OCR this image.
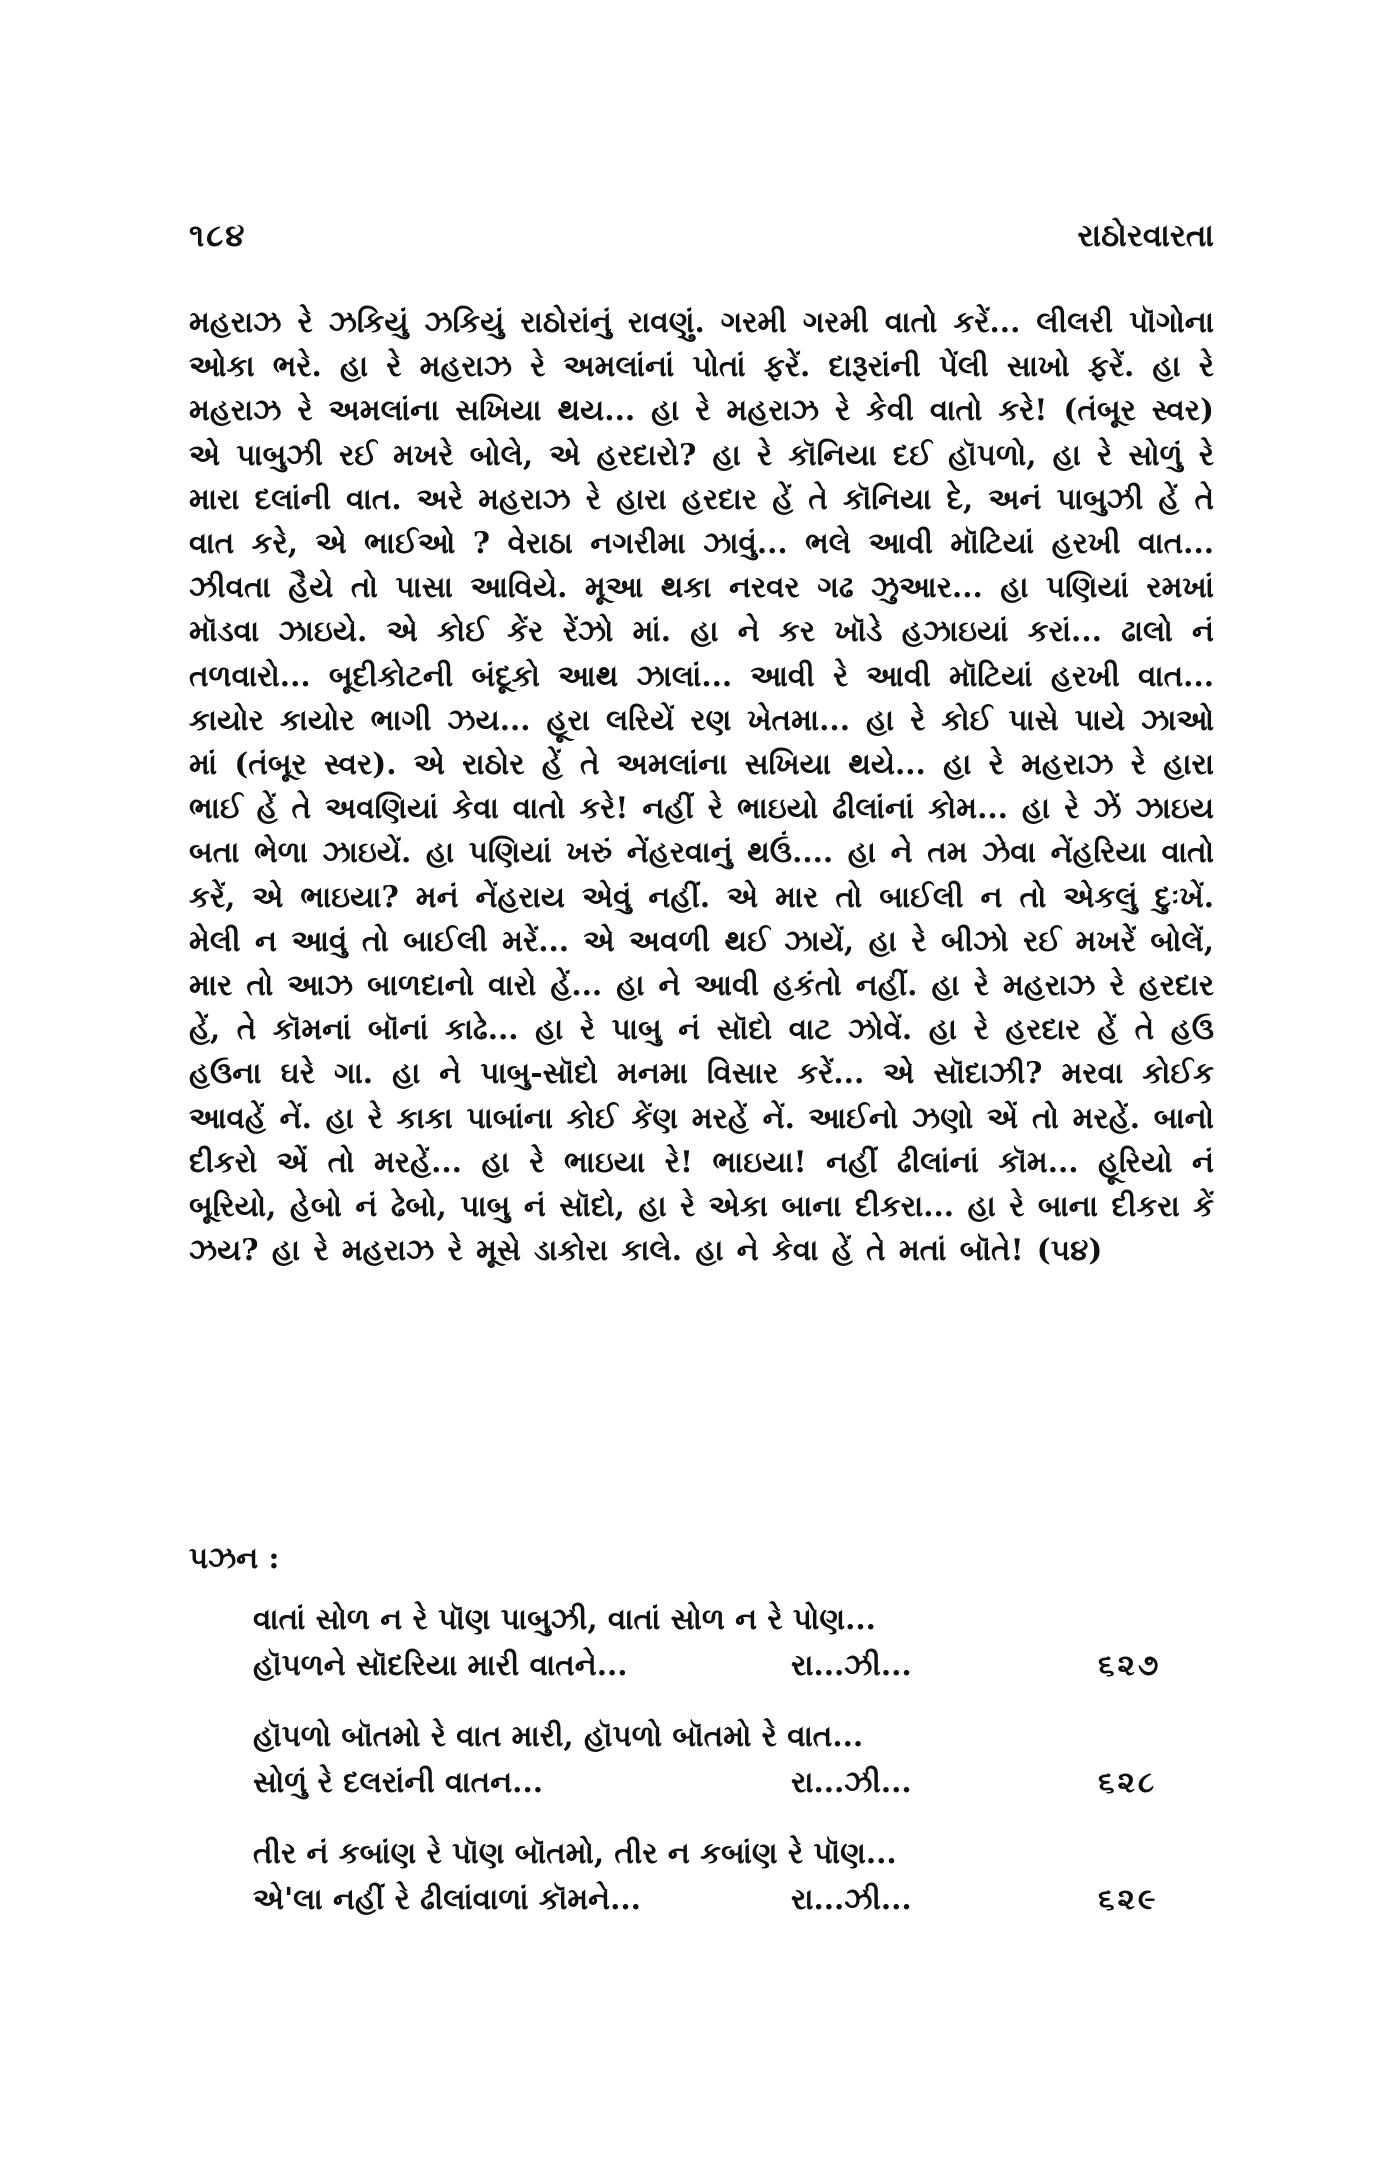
૧૮૪	રાઠોરવારતા

મહરાઝ રે ઝકિયું ઝકિયું રાઠોરાંનું રાવણું. ગરમી ગરમી વાતો કરેં... લીલરી પૉગોના ઓકા ભરે. હા રે મહરાઝ રે અમલાંનાં પોતાં ફરેં. દારૂરાંની પેંલી સાખો ફરેં. હા રે મહરાઝ રે અમલાંના સખિયા થય... હા રે મહરાઝ રે કેવી વાતો કરે! (તંબૂર સ્વર) એ પાબુઝી રઈ મખરે બોલે, એ હરદારો? હા રે કૉનિયા દઈ હૉપળો, હા રે સોળું રે મારા દલાંની વાત. અરે મહરાઝ રે હારા હરદાર હેં તે કૉનિયા દે, અનં પાબુઝી હેં તે વાત કરે, એ ભાઈઓ ? વેરાઠા નગરીમા ઝાવું... ભલે આવી મૉટિયાં હરખી વાત... ઝીવતા હૈયે તો પાસા આવિયે. મૂઆ થકા નરવર ગઢ ઝુઆર... હા પણિયાં રમખાં મૉડવા ઝાઇયે. એ કોઈ કેંર રેંઝો માં. હા ને કર ખૉડે હઝાઇયાં કરાં... ઢાલો નં તળવારો... બૂદીકોટની બંદૂકો આથ ઝાલાં... આવી રે આવી મૉટિયાં હરખી વાત... કાયોર કાયોર ભાગી ઝય... હૂરા લરિયેં રણ ખેતમા... હા રે કોઈ પાસે પાયે ઝાઓ માં (તંબૂર સ્વર). એ રાઠોર હેં તે અમલાંના સખિયા થયે... હા રે મહરાઝ રે હારા ભાઈ હેં તે અવણિયાં કેવા વાતો કરે! નહીં રે ભાઇયો ઢીલાંનાં કોમ... હા રે ઝેં ઝાઇય બતા ભેળા ઝાઇયેં. હા પણિયાં ખરું નેંહરવાનું થઉં.... હા ને તમ ઝેવા નેંહરિયા વાતો કરેં, એ ભાઇયા? મનં નેંહરાય એવું નહીં. એ માર તો બાઈલી ન તો એકલું દુઃખેં. મેલી ન આવું તો બાઈલી મરેં... એ અવળી થઈ ઝાયેં, હા રે બીઝો રઈ મખરેં બોલેં, માર તો આઝ બાળદાનો વારો હેં... હા ને આવી હકંતો નહીં. હા રે મહરાઝ રે હરદાર હેં, તે કૉમનાં બૉનાં કાઢે... હા રે પાબુ નં સૉદો વાટ ઝોવેં. હા રે હરદાર હેં તે હઉ હઉના ઘરે ગા. હા ને પાબુ-સૉદો મનમા વિસાર કરેં... એ સૉદાઝી? મરવા કોઈક આવહેં નેં. હા રે કાકા પાબાંના કોઈ કેંણ મરહેં નેં. આઈનો ઝણો એં તો મરહેં. બાનો દીકરો એં તો મરહેં... હા રે ભાઇયા રે! ભાઇયા! નહીં ઢીલાંનાં કૉમ... હૂરિયો નં બૂરિયો, હેબો નં ઢેબો, પાબુ નં સૉદો, હા રે એકા બાના દીકરા... હા રે બાના દીકરા કેં ઝય? હા રે મહરાઝ રે મૂસે ડાકોરા કાલે. હા ને કેવા હેં તે મતાં બૉતે! (૫૪)

પઝન :
વાતાં સોળ ન રે પૉણ પાબુઝી, વાતાં સોળ ન રે પોણ...
હૉપળને સૉદરિયા મારી વાતને...	રા...ઝી...	૬૨૭
હૉપળો બૉતમો રે વાત મારી, હૉપળો બૉતમો રે વાત...
સોળું રે દલરાંની વાતન...	રા...ઝી...	૬૨૮
તીર નં કબાંણ રે પૉણ બૉતમો, તીર ન કબાંણ રે પૉણ...
એ'લા નહીં રે ઢીલાંવાળાં કૉમને...	રા...ઝી...	૬૨૯
